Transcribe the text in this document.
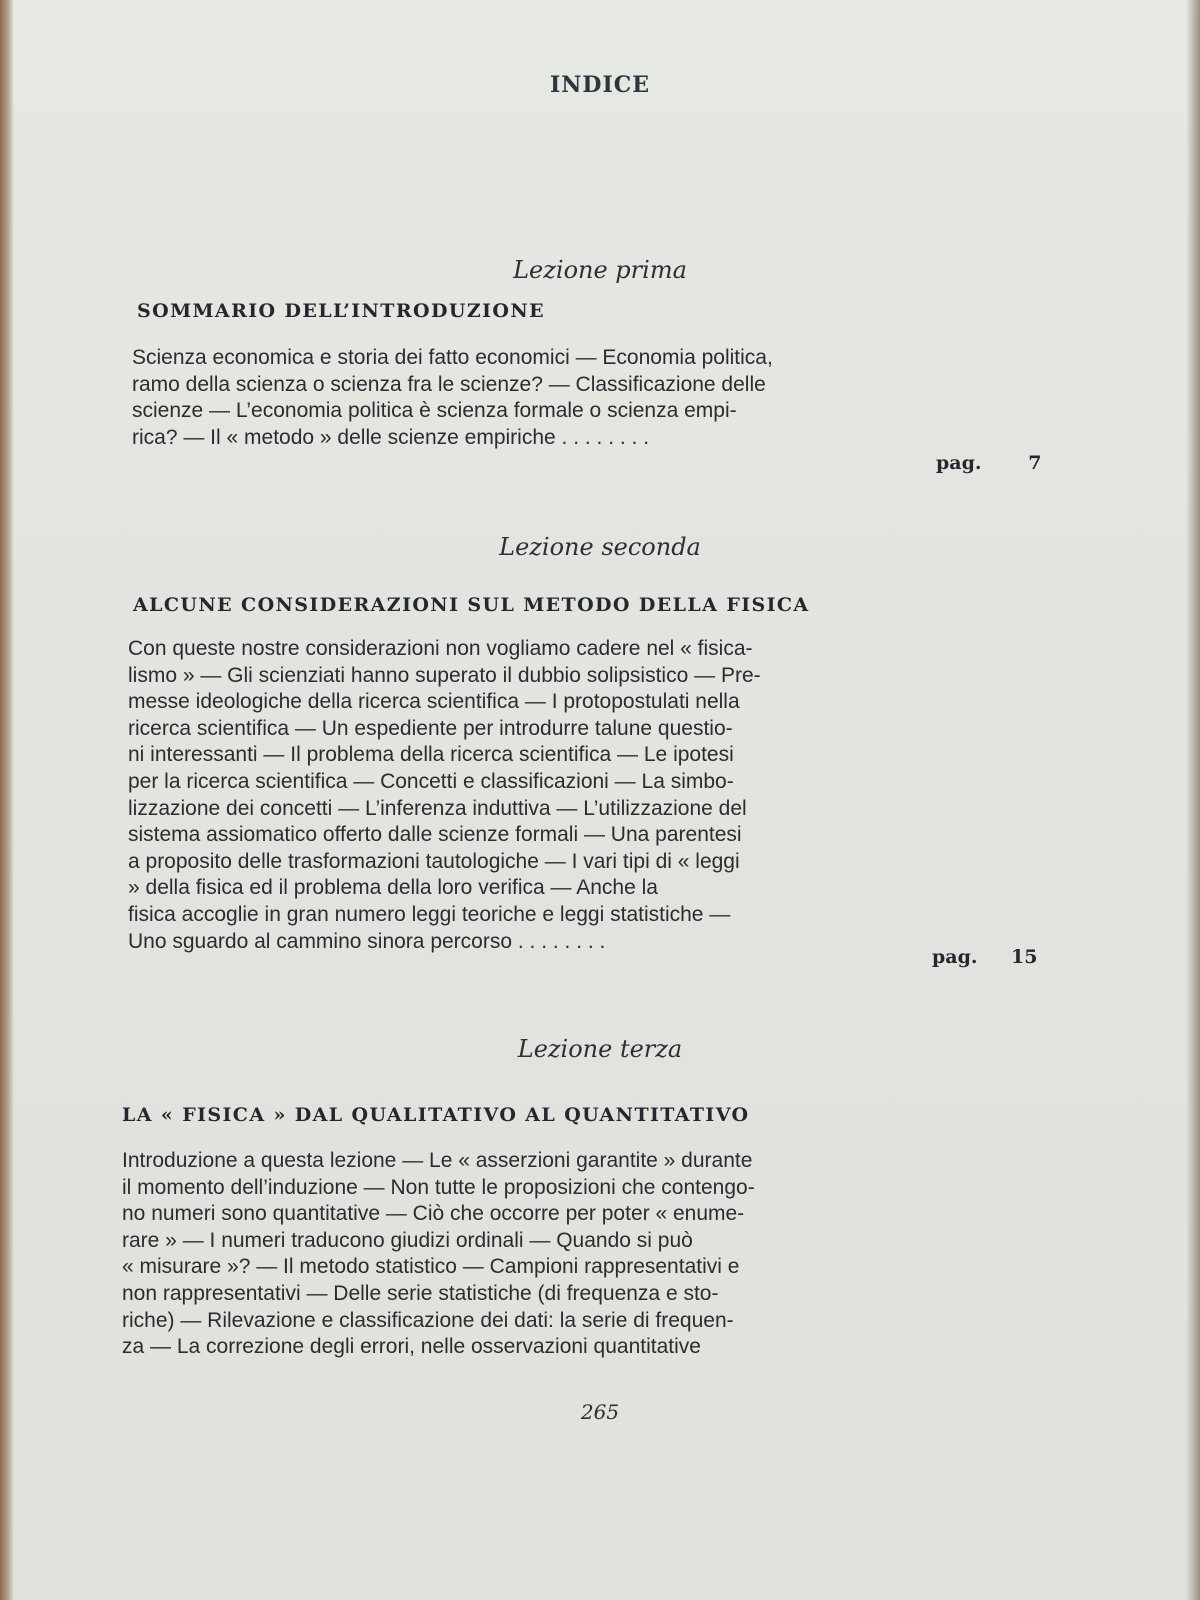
INDICE
Lezione prima
SOMMARIO DELL’INTRODUZIONE
Scienza economica e storia dei fatto economici — Economia politica,
ramo della scienza o scienza fra le scienze? — Classificazione delle
scienze — L’economia politica è scienza formale o scienza empi-
rica? — Il « metodo » delle scienze empiriche . . . . . . . .
pag. 7
Lezione seconda
ALCUNE CONSIDERAZIONI SUL METODO DELLA FISICA
Con queste nostre considerazioni non vogliamo cadere nel « fisica-
lismo » — Gli scienziati hanno superato il dubbio solipsistico — Pre-
messe ideologiche della ricerca scientifica — I protopostulati nella
ricerca scientifica — Un espediente per introdurre talune questio-
ni interessanti — Il problema della ricerca scientifica — Le ipotesi
per la ricerca scientifica — Concetti e classificazioni — La simbo-
lizzazione dei concetti — L’inferenza induttiva — L’utilizzazione del
sistema assiomatico offerto dalle scienze formali — Una parentesi
a proposito delle trasformazioni tautologiche — I vari tipi di « leggi
» della fisica ed il problema della loro verifica — Anche la
fisica accoglie in gran numero leggi teoriche e leggi statistiche —
Uno sguardo al cammino sinora percorso . . . . . . . .
pag. 15
Lezione terza
LA « FISICA » DAL QUALITATIVO AL QUANTITATIVO
Introduzione a questa lezione — Le « asserzioni garantite » durante
il momento dell’induzione — Non tutte le proposizioni che contengo-
no numeri sono quantitative — Ciò che occorre per poter « enume-
rare » — I numeri traducono giudizi ordinali — Quando si può
« misurare »? — Il metodo statistico — Campioni rappresentativi e
non rappresentativi — Delle serie statistiche (di frequenza e sto-
riche) — Rilevazione e classificazione dei dati: la serie di frequen-
za — La correzione degli errori, nelle osservazioni quantitative
265
